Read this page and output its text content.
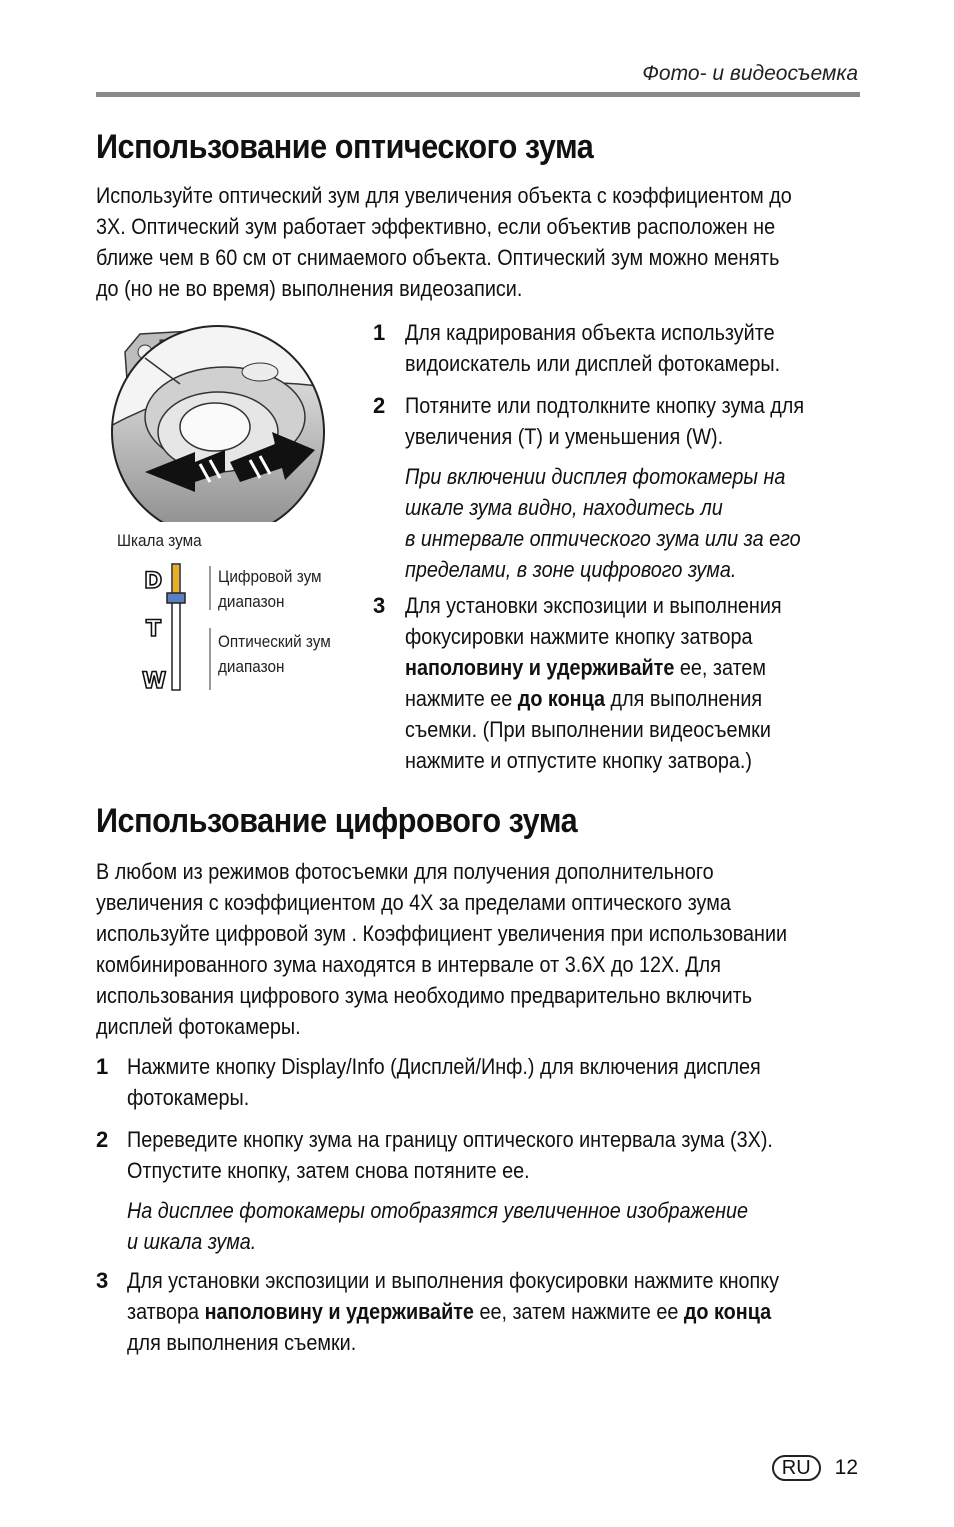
Фото- и видеосъемка
Использование оптического зума
Используйте оптический зум для увеличения объекта с коэффициентом до
3X. Оптический зум работает эффективно, если объектив расположен не
ближе чем в 60 см от снимаемого объекта. Оптический зум можно менять
до (но не во время) выполнения видеозаписи.
Шкала зума
D
T
W
Цифровой зум
диапазон
Оптический зум
диапазон
1 Для кадрирования объекта используйте
видоискатель или дисплей фотокамеры.
2 Потяните или подтолкните кнопку зума для
увеличения (T) и уменьшения (W).
При включении дисплея фотокамеры на
шкале зума видно, находитесь ли
в интервале оптического зума или за его
пределами, в зоне цифрового зума.
3 Для установки экспозиции и выполнения
фокусировки нажмите кнопку затвора
наполовину и удерживайте ее, затем
нажмите ее до конца для выполнения
съемки. (При выполнении видеосъемки
нажмите и отпустите кнопку затвора.)
Использование цифрового зума
В любом из режимов фотосъемки для получения дополнительного
увеличения с коэффициентом до 4X за пределами оптического зума
используйте цифровой зум . Коэффициент увеличения при использовании
комбинированного зума находятся в интервале от 3.6X до 12X. Для
использования цифрового зума необходимо предварительно включить
дисплей фотокамеры.
1 Нажмите кнопку Display/Info (Дисплей/Инф.) для включения дисплея
фотокамеры.
2 Переведите кнопку зума на границу оптического интервала зума (3X).
Отпустите кнопку, затем снова потяните ее.
На дисплее фотокамеры отобразятся увеличенное изображение
и шкала зума.
3 Для установки экспозиции и выполнения фокусировки нажмите кнопку
затвора наполовину и удерживайте ее, затем нажмите ее до конца
для выполнения съемки.
RU	12
